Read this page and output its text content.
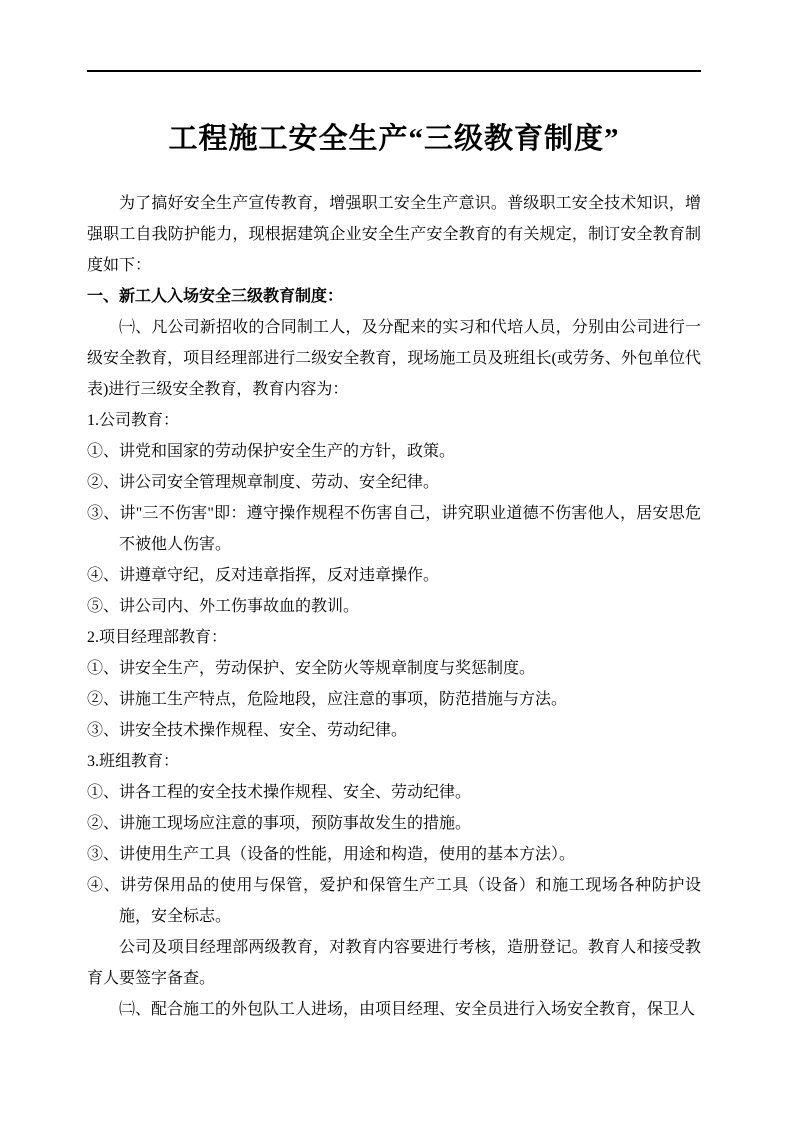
工程施工安全生产“三级教育制度”

为了搞好安全生产宣传教育，增强职工安全生产意识。普级职工安全技术知识，增强职工自我防护能力，现根据建筑企业安全生产安全教育的有关规定，制订安全教育制度如下：

一、新工人入场安全三级教育制度：

㈠、凡公司新招收的合同制工人，及分配来的实习和代培人员，分别由公司进行一级安全教育，项目经理部进行二级安全教育，现场施工员及班组长(或劳务、外包单位代表)进行三级安全教育，教育内容为：

1.公司教育：

①、讲党和国家的劳动保护安全生产的方针，政策。

②、讲公司安全管理规章制度、劳动、安全纪律。

③、讲"三不伤害"即：遵守操作规程不伤害自己，讲究职业道德不伤害他人，居安思危不被他人伤害。

④、讲遵章守纪，反对违章指挥，反对违章操作。

⑤、讲公司内、外工伤事故血的教训。

2.项目经理部教育：

①、讲安全生产，劳动保护、安全防火等规章制度与奖惩制度。

②、讲施工生产特点，危险地段，应注意的事项，防范措施与方法。

③、讲安全技术操作规程、安全、劳动纪律。

3.班组教育：

①、讲各工程的安全技术操作规程、安全、劳动纪律。

②、讲施工现场应注意的事项，预防事故发生的措施。

③、讲使用生产工具（设备的性能，用途和构造，使用的基本方法）。

④、讲劳保用品的使用与保管，爱护和保管生产工具（设备）和施工现场各种防护设施，安全标志。

公司及项目经理部两级教育，对教育内容要进行考核，造册登记。教育人和接受教育人要签字备查。

㈡、配合施工的外包队工人进场，由项目经理、安全员进行入场安全教育，保卫人
